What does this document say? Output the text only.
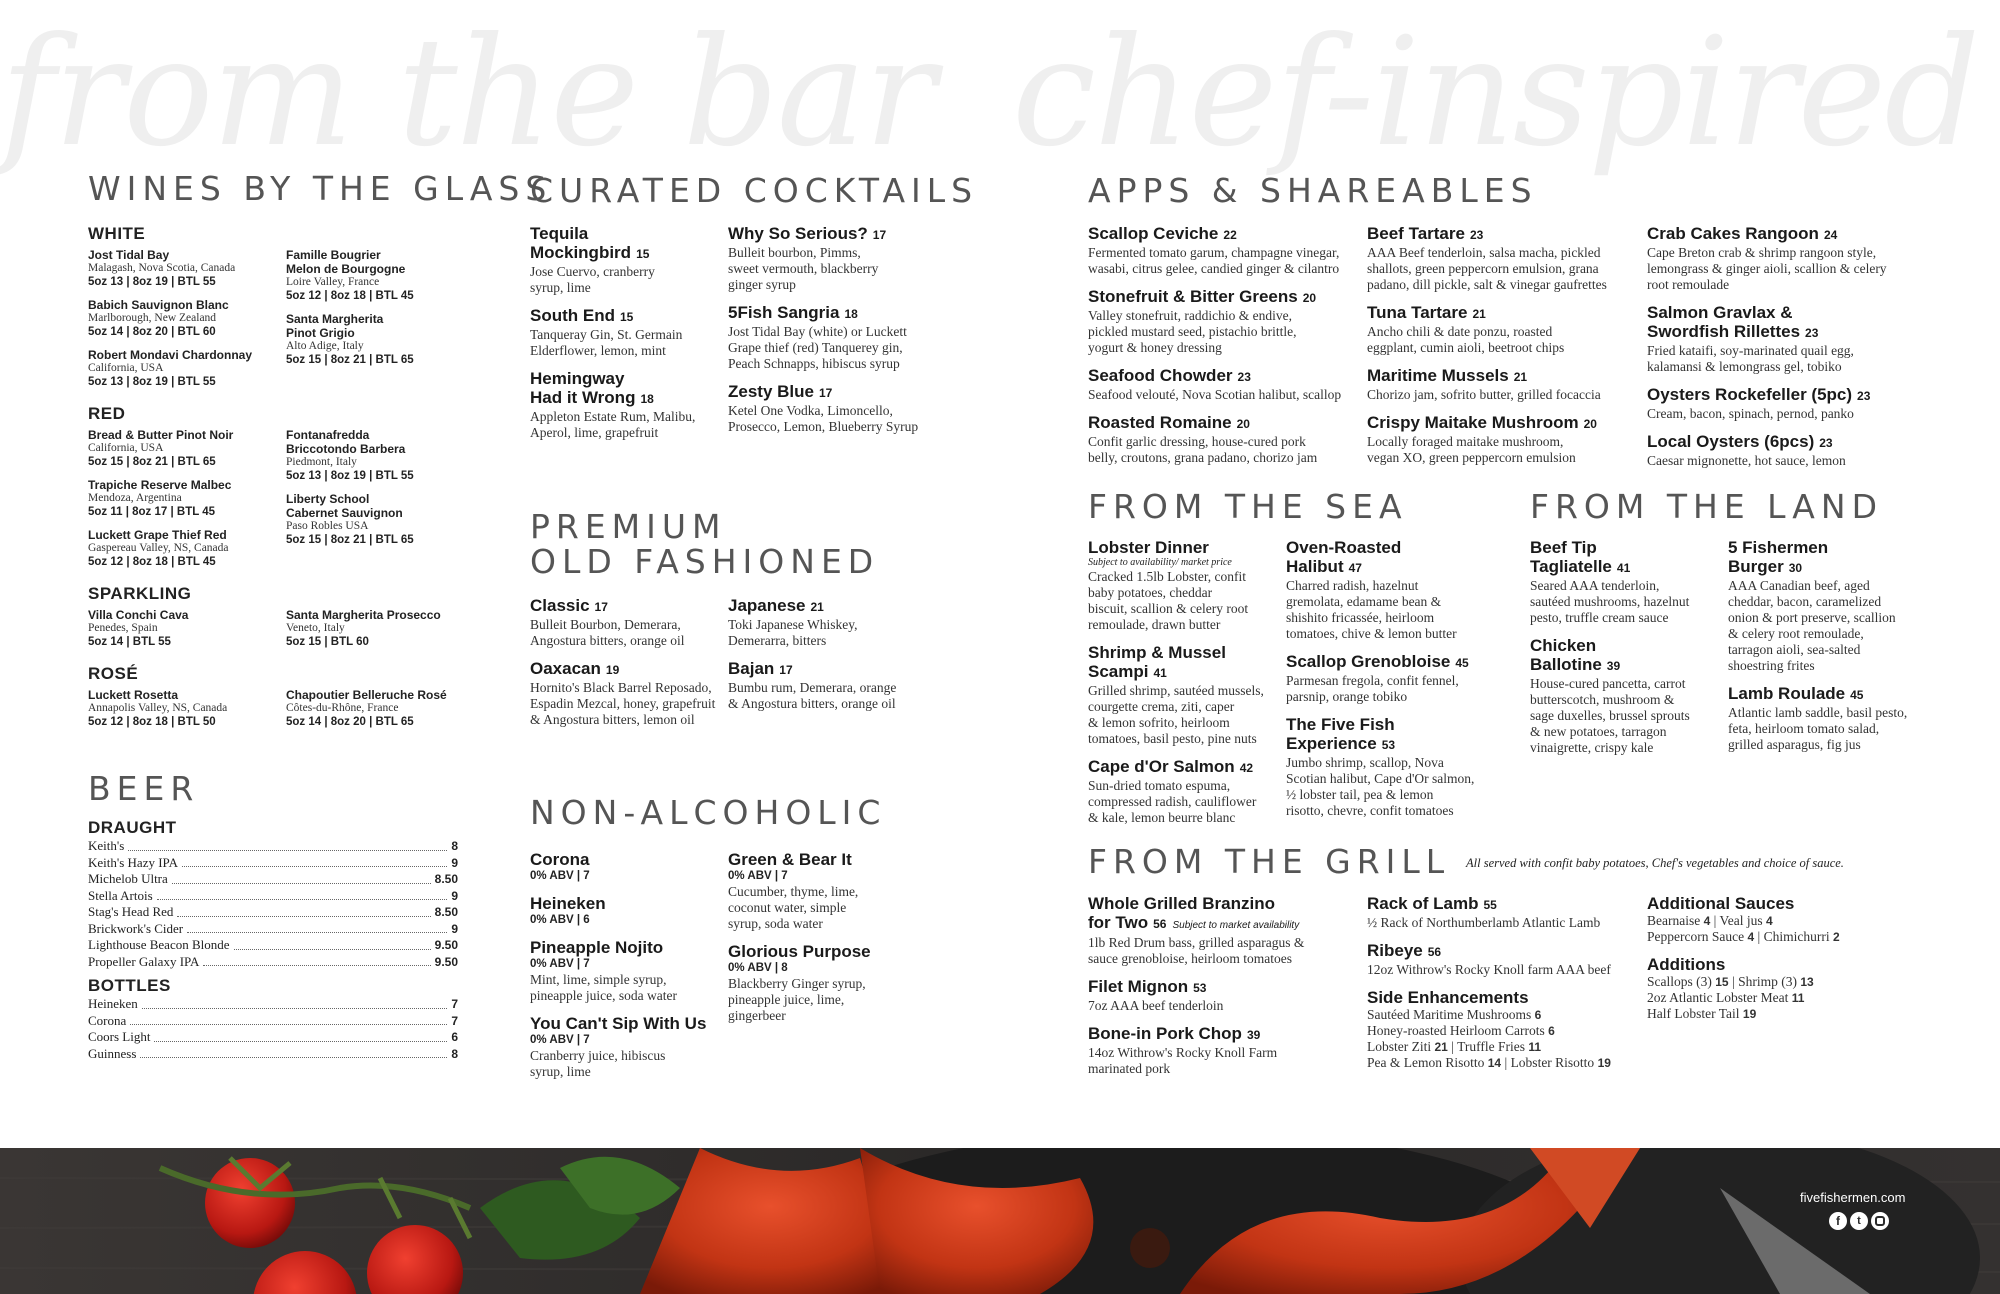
from the bar chef-inspired
WINES BY THE GLASS
WHITE
Jost Tidal Bay
Malagash, Nova Scotia, Canada
5oz 13 | 8oz 19 | BTL 55
Babich Sauvignon Blanc
Marlborough, New Zealand
5oz 14 | 8oz 20 | BTL 60
Robert Mondavi Chardonnay
California, USA
5oz 13 | 8oz 19 | BTL 55
Famille Bougrier
Melon de Bourgogne
Loire Valley, France
5oz 12 | 8oz 18 | BTL 45
Santa Margherita
Pinot Grigio
Alto Adige, Italy
5oz 15 | 8oz 21 | BTL 65
RED
Bread & Butter Pinot Noir
California, USA
5oz 15 | 8oz 21 | BTL 65
Trapiche Reserve Malbec
Mendoza, Argentina
5oz 11 | 8oz 17 | BTL 45
Luckett Grape Thief Red
Gaspereau Valley, NS, Canada
5oz 12 | 8oz 18 | BTL 45
Fontanafredda
Briccotondo Barbera
Piedmont, Italy
5oz 13 | 8oz 19 | BTL 55
Liberty School
Cabernet Sauvignon
Paso Robles USA
5oz 15 | 8oz 21 | BTL 65
SPARKLING
Villa Conchi Cava
Penedes, Spain
5oz 14 | BTL 55
Santa Margherita Prosecco
Veneto, Italy
5oz 15 | BTL 60
ROSÉ
Luckett Rosetta
Annapolis Valley, NS, Canada
5oz 12 | 8oz 18 | BTL 50
Chapoutier Belleruche Rosé
Côtes-du-Rhône, France
5oz 14 | 8oz 20 | BTL 65
BEER
DRAUGHT
Keith's	8
Keith's Hazy IPA	9
Michelob Ultra	8.50
Stella Artois	9
Stag's Head Red	8.50
Brickwork's Cider	9
Lighthouse Beacon Blonde	9.50
Propeller Galaxy IPA	9.50
BOTTLES
Heineken	7
Corona	7
Coors Light	6
Guinness	8
CURATED COCKTAILS
Tequila
Mockingbird 15
Jose Cuervo, cranberry
syrup, lime
South End 15
Tanqueray Gin, St. Germain
Elderflower, lemon, mint
Hemingway
Had it Wrong 18
Appleton Estate Rum, Malibu,
Aperol, lime, grapefruit
Why So Serious? 17
Bulleit bourbon, Pimms,
sweet vermouth, blackberry
ginger syrup
5Fish Sangria 18
Jost Tidal Bay (white) or Luckett
Grape thief (red) Tanquerey gin,
Peach Schnapps, hibiscus syrup
Zesty Blue 17
Ketel One Vodka, Limoncello,
Prosecco, Lemon, Blueberry Syrup
PREMIUM
OLD FASHIONED
Classic 17
Bulleit Bourbon, Demerara,
Angostura bitters, orange oil
Oaxacan 19
Hornito's Black Barrel Reposado,
Espadin Mezcal, honey, grapefruit
& Angostura bitters, lemon oil
Japanese 21
Toki Japanese Whiskey,
Demerarra, bitters
Bajan 17
Bumbu rum, Demerara, orange
& Angostura bitters, orange oil
NON-ALCOHOLIC
Corona
0% ABV | 7
Heineken
0% ABV | 6
Pineapple Nojito
0% ABV | 7
Mint, lime, simple syrup,
pineapple juice, soda water
You Can't Sip With Us
0% ABV | 7
Cranberry juice, hibiscus
syrup, lime
Green & Bear It
0% ABV | 7
Cucumber, thyme, lime,
coconut water, simple
syrup, soda water
Glorious Purpose
0% ABV | 8
Blackberry Ginger syrup,
pineapple juice, lime,
gingerbeer
APPS & SHAREABLES
Scallop Ceviche 22
Fermented tomato garum, champagne vinegar,
wasabi, citrus gelee, candied ginger & cilantro
Stonefruit & Bitter Greens 20
Valley stonefruit, raddichio & endive,
pickled mustard seed, pistachio brittle,
yogurt & honey dressing
Seafood Chowder 23
Seafood velouté, Nova Scotian halibut, scallop
Roasted Romaine 20
Confit garlic dressing, house-cured pork
belly, croutons, grana padano, chorizo jam
Beef Tartare 23
AAA Beef tenderloin, salsa macha, pickled
shallots, green peppercorn emulsion, grana
padano, dill pickle, salt & vinegar gaufrettes
Tuna Tartare 21
Ancho chili & date ponzu, roasted
eggplant, cumin aioli, beetroot chips
Maritime Mussels 21
Chorizo jam, sofrito butter, grilled focaccia
Crispy Maitake Mushroom 20
Locally foraged maitake mushroom,
vegan XO, green peppercorn emulsion
Crab Cakes Rangoon 24
Cape Breton crab & shrimp rangoon style,
lemongrass & ginger aioli, scallion & celery
root remoulade
Salmon Gravlax &
Swordfish Rillettes 23
Fried kataifi, soy-marinated quail egg,
kalamansi & lemongrass gel, tobiko
Oysters Rockefeller (5pc) 23
Cream, bacon, spinach, pernod, panko
Local Oysters (6pcs) 23
Caesar mignonette, hot sauce, lemon
FROM THE SEA
Lobster Dinner
Subject to availability/ market price
Cracked 1.5lb Lobster, confit
baby potatoes, cheddar
biscuit, scallion & celery root
remoulade, drawn butter
Shrimp & Mussel
Scampi 41
Grilled shrimp, sautéed mussels,
courgette crema, ziti, caper
& lemon sofrito, heirloom
tomatoes, basil pesto, pine nuts
Cape d'Or Salmon 42
Sun-dried tomato espuma,
compressed radish, cauliflower
& kale, lemon beurre blanc
Oven-Roasted
Halibut 47
Charred radish, hazelnut
gremolata, edamame bean &
shishito fricassée, heirloom
tomatoes, chive & lemon butter
Scallop Grenobloise 45
Parmesan fregola, confit fennel,
parsnip, orange tobiko
The Five Fish
Experience 53
Jumbo shrimp, scallop, Nova
Scotian halibut, Cape d'Or salmon,
½ lobster tail, pea & lemon
risotto, chevre, confit tomatoes
FROM THE LAND
Beef Tip
Tagliatelle 41
Seared AAA tenderloin,
sautéed mushrooms, hazelnut
pesto, truffle cream sauce
Chicken
Ballotine 39
House-cured pancetta, carrot
butterscotch, mushroom &
sage duxelles, brussel sprouts
& new potatoes, tarragon
vinaigrette, crispy kale
5 Fishermen
Burger 30
AAA Canadian beef, aged
cheddar, bacon, caramelized
onion & port preserve, scallion
& celery root remoulade,
tarragon aioli, sea-salted
shoestring frites
Lamb Roulade 45
Atlantic lamb saddle, basil pesto,
feta, heirloom tomato salad,
grilled asparagus, fig jus
FROM THE GRILL All served with confit baby potatoes, Chef's vegetables and choice of sauce.
Whole Grilled Branzino
for Two 56 Subject to market availability
1lb Red Drum bass, grilled asparagus &
sauce grenobloise, heirloom tomatoes
Filet Mignon 53
7oz AAA beef tenderloin
Bone-in Pork Chop 39
14oz Withrow's Rocky Knoll Farm
marinated pork
Rack of Lamb 55
½ Rack of Northumberlamb Atlantic Lamb
Ribeye 56
12oz Withrow's Rocky Knoll farm AAA beef
Side Enhancements
Sautéed Maritime Mushrooms 6
Honey-roasted Heirloom Carrots 6
Lobster Ziti 21 | Truffle Fries 11
Pea & Lemon Risotto 14 | Lobster Risotto 19
Additional Sauces
Bearnaise 4 | Veal jus 4
Peppercorn Sauce 4 | Chimichurri 2
Additions
Scallops (3) 15 | Shrimp (3) 13
2oz Atlantic Lobster Meat 11
Half Lobster Tail 19
fivefishermen.com
f	t
